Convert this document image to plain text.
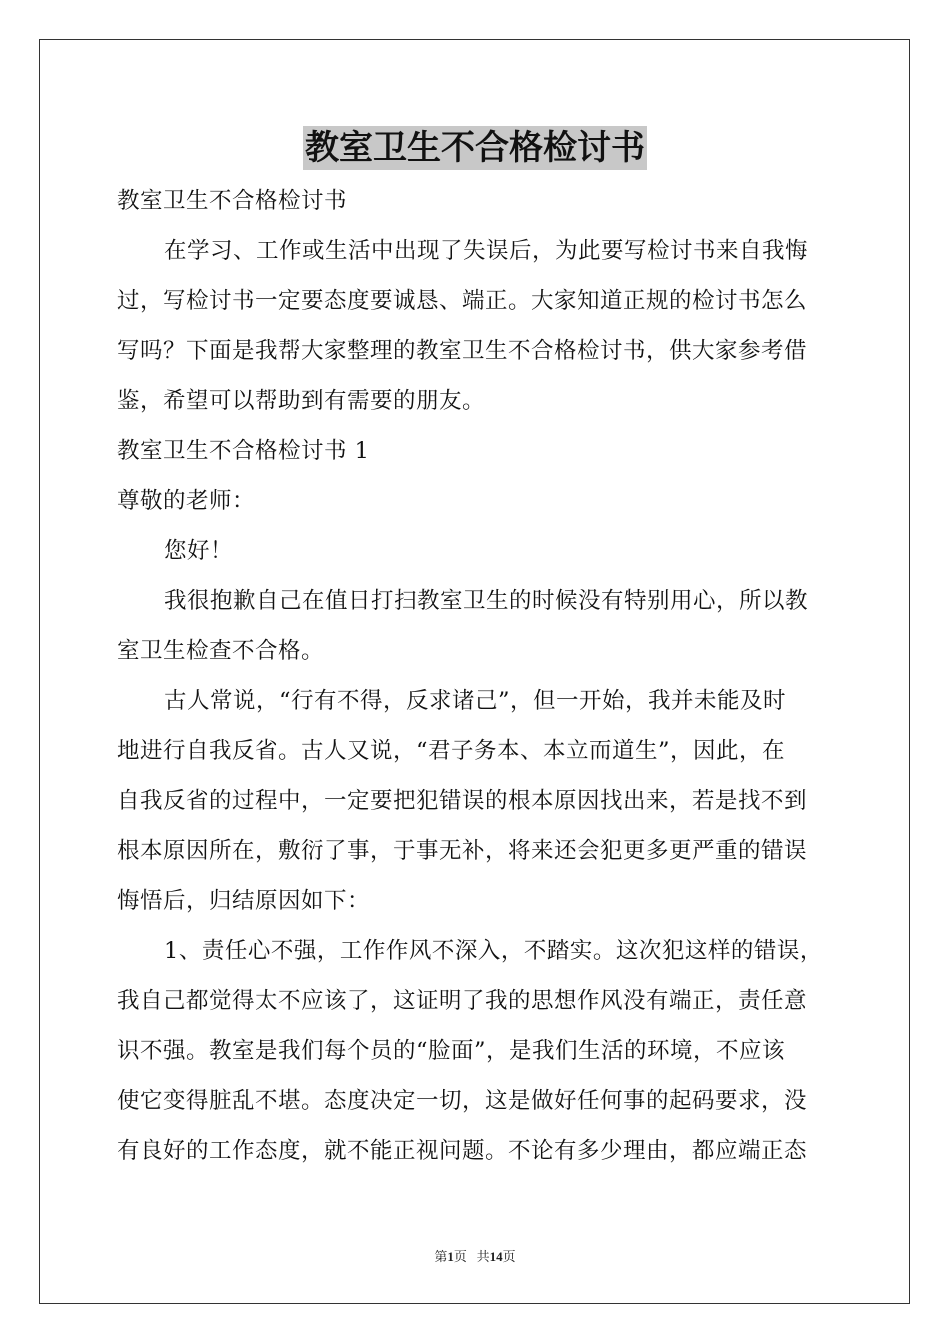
教室卫生不合格检讨书
教室卫生不合格检讨书
在学习、工作或生活中出现了失误后，为此要写检讨书来自我悔
过，写检讨书一定要态度要诚恳、端正。大家知道正规的检讨书怎么
写吗？下面是我帮大家整理的教室卫生不合格检讨书，供大家参考借
鉴，希望可以帮助到有需要的朋友。
教室卫生不合格检讨书 1
尊敬的老师：
您好！
我很抱歉自己在值日打扫教室卫生的时候没有特别用心，所以教
室卫生检查不合格。
古人常说，“行有不得，反求诸己”，但一开始，我并未能及时
地进行自我反省。古人又说，“君子务本、本立而道生”，因此，在
自我反省的过程中，一定要把犯错误的根本原因找出来，若是找不到
根本原因所在，敷衍了事，于事无补，将来还会犯更多更严重的错误
悔悟后，归结原因如下：
1、责任心不强，工作作风不深入，不踏实。这次犯这样的错误，
我自己都觉得太不应该了，这证明了我的思想作风没有端正，责任意
识不强。教室是我们每个员的“脸面”，是我们生活的环境，不应该
使它变得脏乱不堪。态度决定一切，这是做好任何事的起码要求，没
有良好的工作态度，就不能正视问题。不论有多少理由，都应端正态
第1页 共14页
